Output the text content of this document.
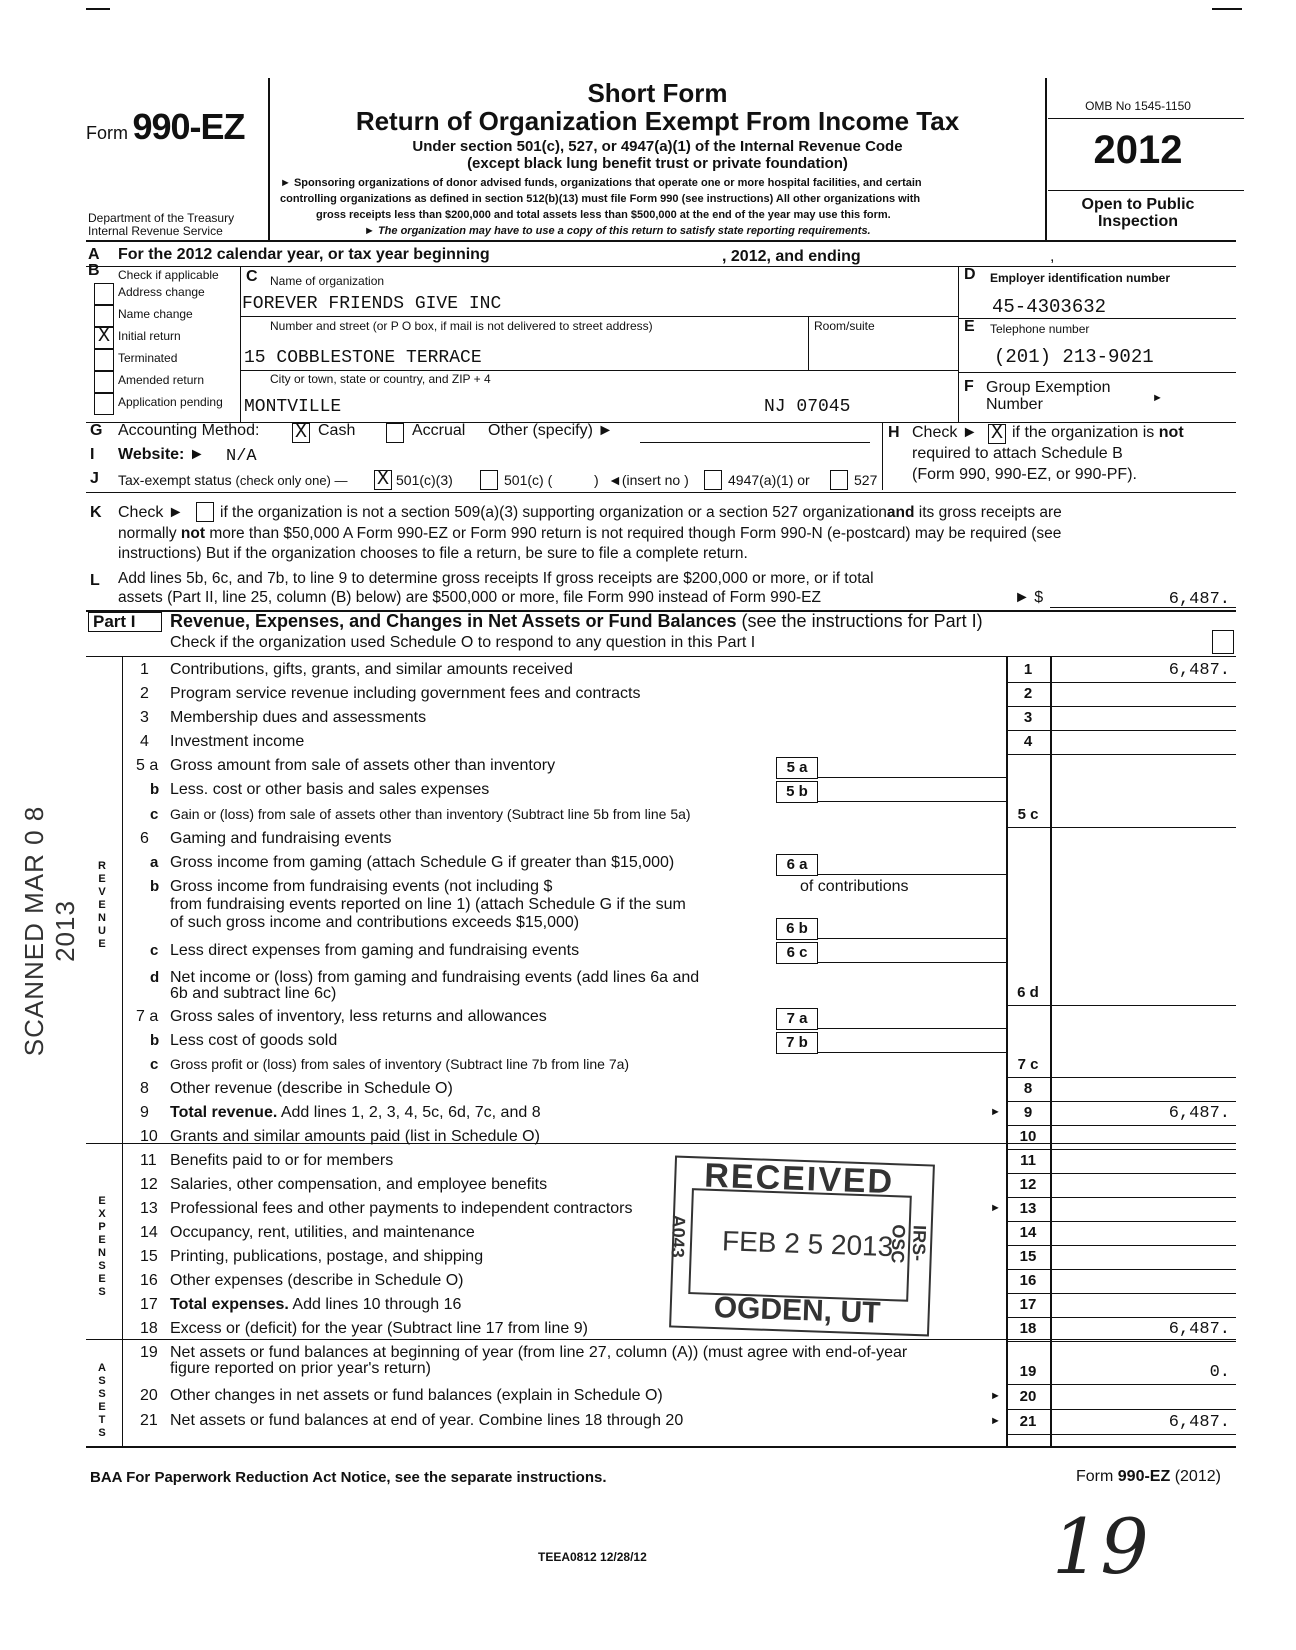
Form 990-EZ
Department of the Treasury
Internal Revenue Service
Short Form
Return of Organization Exempt From Income Tax
Under section 501(c), 527, or 4947(a)(1) of the Internal Revenue Code
(except black lung benefit trust or private foundation)
► Sponsoring organizations of donor advised funds, organizations that operate one or more hospital facilities, and certain
controlling organizations as defined in section 512(b)(13) must file Form 990 (see instructions) All other organizations with
gross receipts less than $200,000 and total assets less than $500,000 at the end of the year may use this form.
► The organization may have to use a copy of this return to satisfy state reporting requirements.
OMB No 1545-1150
2012
Open to Public
Inspection
A For the 2012 calendar year, or tax year beginning	, 2012, and ending	,
B Check if applicable
Address change
Name change
X Initial return
Terminated
Amended return
Application pending
C Name of organization
FOREVER FRIENDS GIVE INC
Number and street (or P O box, if mail is not delivered to street address)	Room/suite
15 COBBLESTONE TERRACE
City or town, state or country, and ZIP + 4
MONTVILLE	NJ 07045
D Employer identification number
45-4303632
E Telephone number
(201) 213-9021
F Group Exemption
Number	►
G Accounting Method: X Cash	Accrual Other (specify) ►	H Check ► X if the organization is not
required to attach Schedule B
(Form 990, 990-EZ, or 990-PF).
I Website: ► N/A
J Tax-exempt status (check only one) — X 501(c)(3)	501(c) (	) ◄(insert no )	4947(a)(1) or	527
K Check ► if the organization is not a section 509(a)(3) supporting organization or a section 527 organizationand its gross receipts are
normally not more than $50,000 A Form 990-EZ or Form 990 return is not required though Form 990-N (e-postcard) may be required (see
instructions) But if the organization chooses to file a return, be sure to file a complete return.
L Add lines 5b, 6c, and 7b, to line 9 to determine gross receipts If gross receipts are $200,000 or more, or if total
assets (Part II, line 25, column (B) below) are $500,000 or more, file Form 990 instead of Form 990-EZ	► $	6,487.
Part I	Revenue, Expenses, and Changes in Net Assets or Fund Balances (see the instructions for Part I)
Check if the organization used Schedule O to respond to any question in this Part I
REVENUE
EXPENSES
ASSETS
1 Contributions, gifts, grants, and similar amounts received	1	6,487.
2 Program service revenue including government fees and contracts	2
3 Membership dues and assessments	3
4 Investment income	4
5 a Gross amount from sale of assets other than inventory	5 a
b Less. cost or other basis and sales expenses	5 b
c Gain or (loss) from sale of assets other than inventory (Subtract line 5b from line 5a)	5 c
6 Gaming and fundraising events
a Gross income from gaming (attach Schedule G if greater than $15,000)	6 a
b Gross income from fundraising events (not including $	of contributions
from fundraising events reported on line 1) (attach Schedule G if the sum
of such gross income and contributions exceeds $15,000)	6 b
c Less direct expenses from gaming and fundraising events	6 c
d Net income or (loss) from gaming and fundraising events (add lines 6a and
6b and subtract line 6c)	6 d
7 a Gross sales of inventory, less returns and allowances	7 a
b Less cost of goods sold	7 b
c Gross profit or (loss) from sales of inventory (Subtract line 7b from line 7a)	7 c
8 Other revenue (describe in Schedule O)	8
9 Total revenue. Add lines 1, 2, 3, 4, 5c, 6d, 7c, and 8	9	6,487.
►
10 Grants and similar amounts paid (list in Schedule O)	10
11 Benefits paid to or for members	11
12 Salaries, other compensation, and employee benefits	12
13 Professional fees and other payments to independent contractors	13
►
14 Occupancy, rent, utilities, and maintenance	14
15 Printing, publications, postage, and shipping	15
16 Other expenses (describe in Schedule O)	16
17 Total expenses. Add lines 10 through 16	17
18 Excess or (deficit) for the year (Subtract line 17 from line 9)	18	6,487.
19 Net assets or fund balances at beginning of year (from line 27, column (A)) (must agree with end-of-year
figure reported on prior year's return)	19	0.
20 Other changes in net assets or fund balances (explain in Schedule O)	20
►
21 Net assets or fund balances at end of year. Combine lines 18 through 20	21	6,487.
►
RECEIVED
FEB 2 5 2013
OGDEN, UT
A043	IRS-OSC
SCANNED MAR 0 8 2013
BAA For Paperwork Reduction Act Notice, see the separate instructions.	Form 990-EZ (2012)
TEEA0812 12/28/12	19
